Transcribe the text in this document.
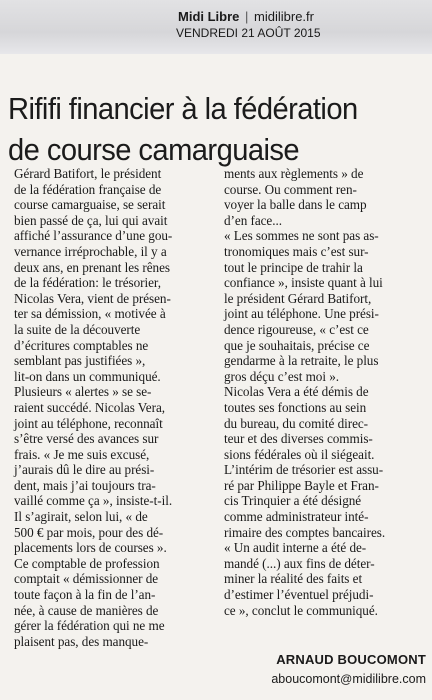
Midi Libre | midilibre.fr
VENDREDI 21 AOÛT 2015
Rififi financier à la fédération
de course camarguaise
Gérard Batifort, le président
de la fédération française de
course camarguaise, se serait
bien passé de ça, lui qui avait
affiché l’assurance d’une gou-
vernance irréprochable, il y a
deux ans, en prenant les rênes
de la fédération: le trésorier,
Nicolas Vera, vient de présen-
ter sa démission, « motivée à
la suite de la découverte
d’écritures comptables ne
semblant pas justifiées »,
lit-on dans un communiqué.
Plusieurs « alertes » se se-
raient succédé. Nicolas Vera,
joint au téléphone, reconnaît
s’être versé des avances sur
frais. « Je me suis excusé,
j’aurais dû le dire au prési-
dent, mais j’ai toujours tra-
vaillé comme ça », insiste-t-il.
Il s’agirait, selon lui, « de
500 € par mois, pour des dé-
placements lors de courses ».
Ce comptable de profession
comptait « démissionner de
toute façon à la fin de l’an-
née, à cause de manières de
gérer la fédération qui ne me
plaisent pas, des manque-
ments aux règlements » de
course. Ou comment ren-
voyer la balle dans le camp
d’en face...
« Les sommes ne sont pas as-
tronomiques mais c’est sur-
tout le principe de trahir la
confiance », insiste quant à lui
le président Gérard Batifort,
joint au téléphone. Une prési-
dence rigoureuse, « c’est ce
que je souhaitais, précise ce
gendarme à la retraite, le plus
gros déçu c’est moi ».
Nicolas Vera a été démis de
toutes ses fonctions au sein
du bureau, du comité direc-
teur et des diverses commis-
sions fédérales où il siégeait.
L’intérim de trésorier est assu-
ré par Philippe Bayle et Fran-
cis Trinquier a été désigné
comme administrateur inté-
rimaire des comptes bancaires.
« Un audit interne a été de-
mandé (...) aux fins de déter-
miner la réalité des faits et
d’estimer l’éventuel préjudi-
ce », conclut le communiqué.
ARNAUD BOUCOMONT
aboucomont@midilibre.com
